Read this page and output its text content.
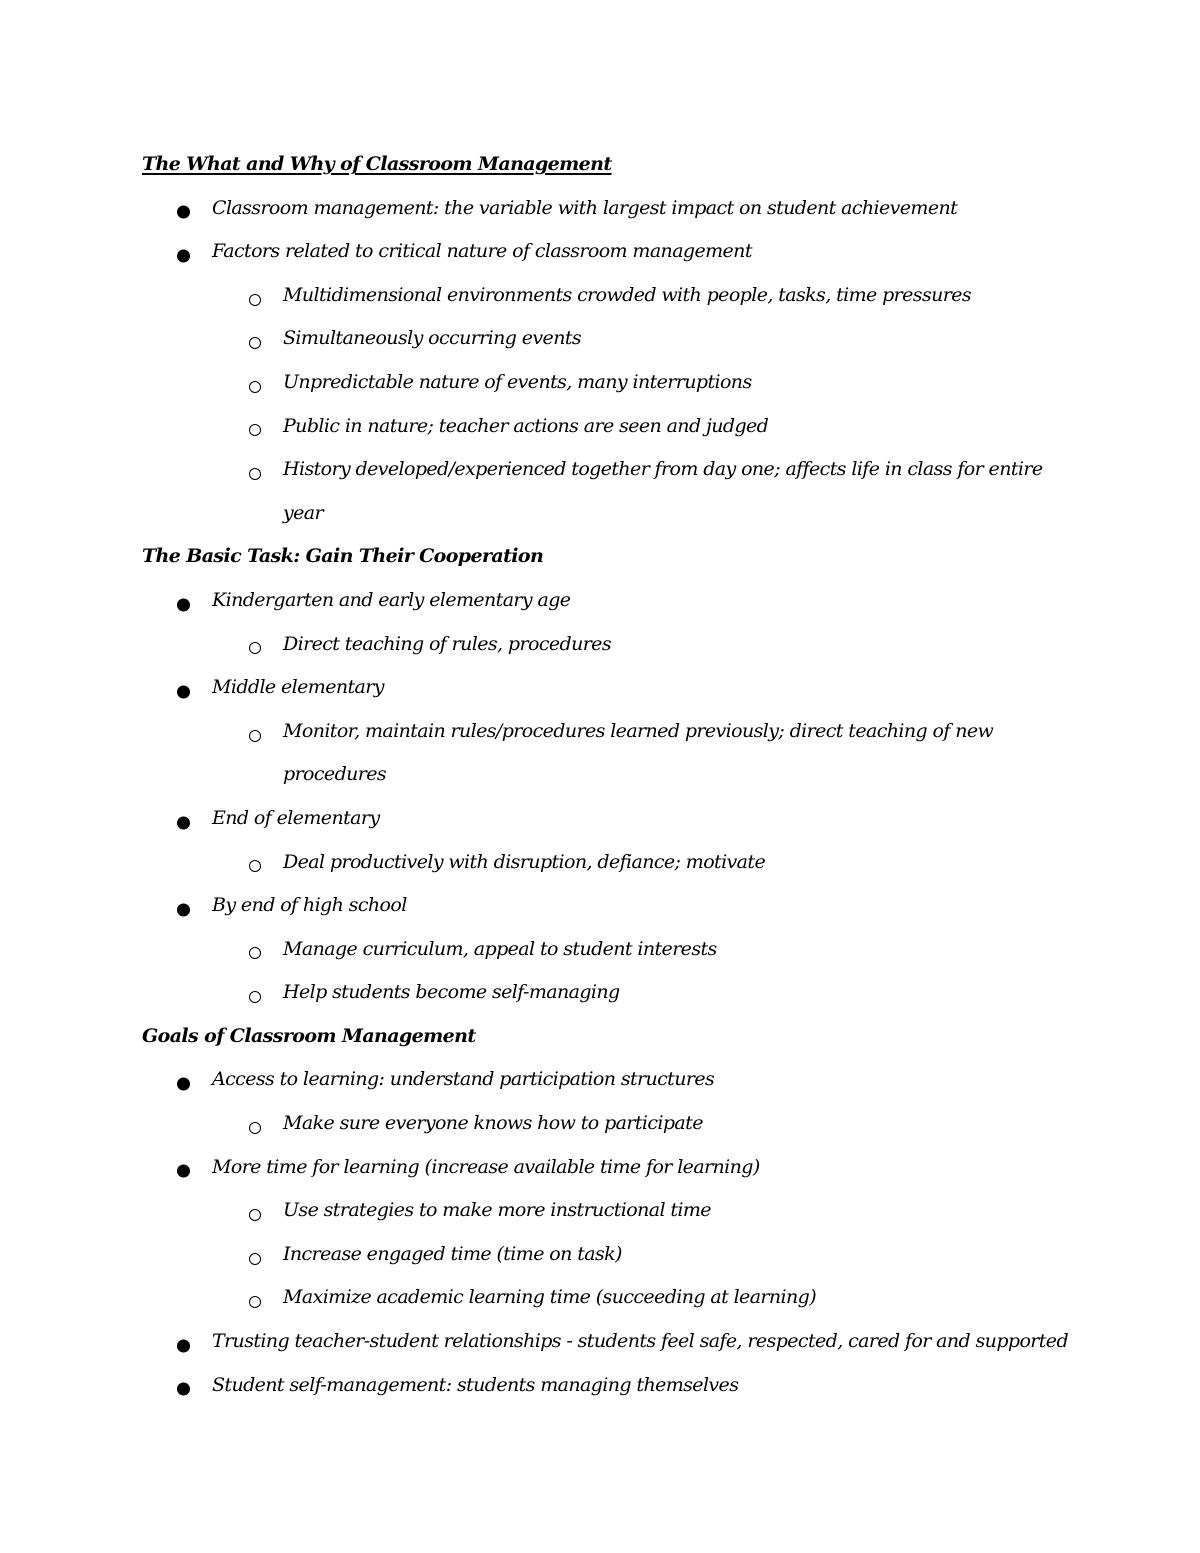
The What and Why of Classroom Management
Classroom management: the variable with largest impact on student achievement
Factors related to critical nature of classroom management
Multidimensional environments crowded with people, tasks, time pressures
Simultaneously occurring events
Unpredictable nature of events, many interruptions
Public in nature; teacher actions are seen and judged
History developed/experienced together from day one; affects life in class for entire
year
The Basic Task: Gain Their Cooperation
Kindergarten and early elementary age
Direct teaching of rules, procedures
Middle elementary
Monitor, maintain rules/procedures learned previously; direct teaching of new
procedures
End of elementary
Deal productively with disruption, defiance; motivate
By end of high school
Manage curriculum, appeal to student interests
Help students become self-managing
Goals of Classroom Management
Access to learning: understand participation structures
Make sure everyone knows how to participate
More time for learning (increase available time for learning)
Use strategies to make more instructional time
Increase engaged time (time on task)
Maximize academic learning time (succeeding at learning)
Trusting teacher-student relationships - students feel safe, respected, cared for and supported
Student self-management: students managing themselves
